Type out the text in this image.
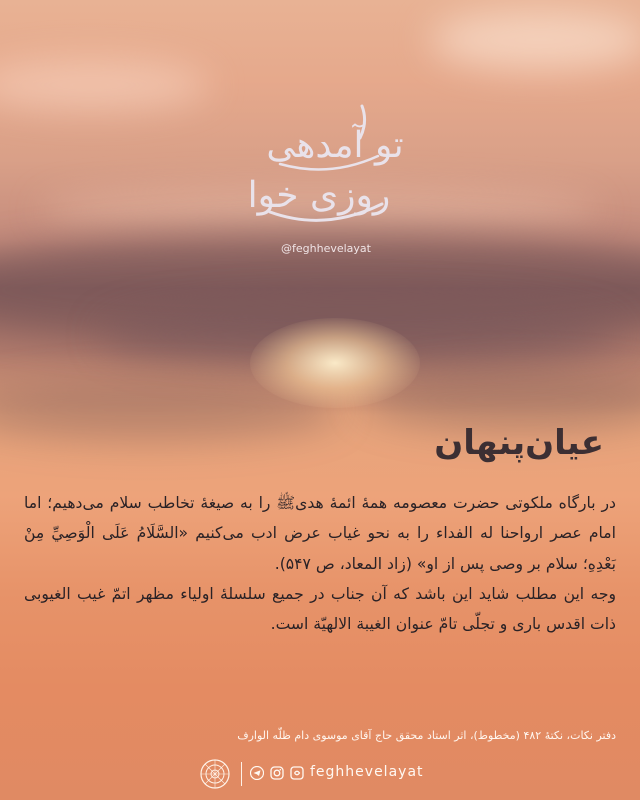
تو آمدهی
روزی خوا
@feghhevelayat
عیان‌پنهان

در بارگاه ملکوتی حضرت معصومه همهٔ ائمهٔ هدیﷺ را به صیغهٔ تخاطب سلام می‌دهیم؛ اما امام عصر ارواحنا له الفداء را به نحو غیاب عرض ادب می‌کنیم «السَّلَامُ عَلَى الْوَصِيِّ مِنْ بَعْدِهِ؛ سلام بر وصی پس از او» (زاد المعاد، ص ۵۴۷).

وجه این مطلب شاید این باشد که آن جناب در جمیع سلسلهٔ اولیاء مظهر اتمّ غیب الغیوبی ذات اقدس باری و تجلّی تامّ عنوان الغیبة الالهیّة است.

دفتر نکات، نکتهٔ ۴۸۲ (مخطوط)، اثر استاد محقق حاج آقای موسوی دام ظلّه الوارف
feghhevelayat
